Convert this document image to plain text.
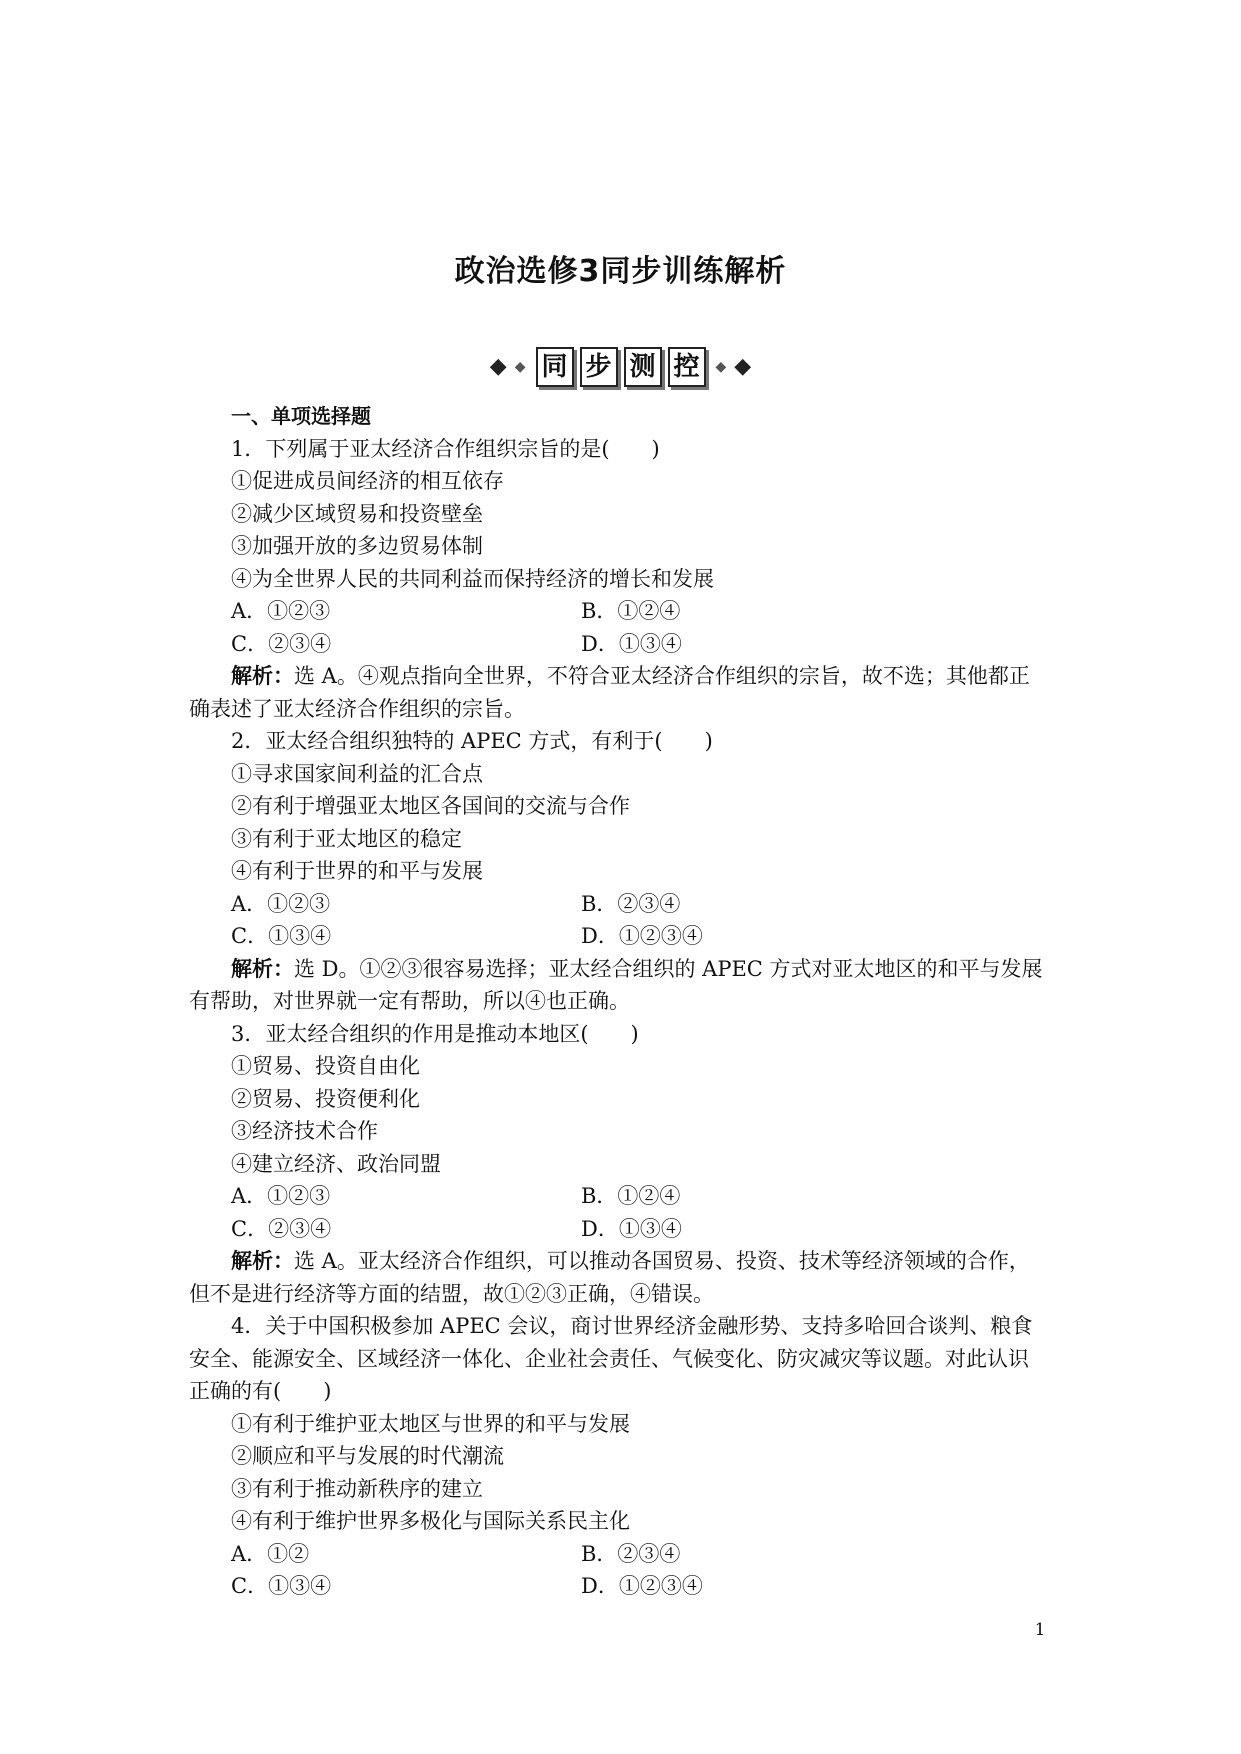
政治选修3同步训练解析
◆ ◆ 同 步 测 控	◆ ◆
一、单项选择题
1．下列属于亚太经济合作组织宗旨的是(　　)
①促进成员间经济的相互依存
②减少区域贸易和投资壁垒
③加强开放的多边贸易体制
④为全世界人民的共同利益而保持经济的增长和发展
A．①②③	B．①②④
C．②③④	D．①③④
解析：选 A。④观点指向全世界，不符合亚太经济合作组织的宗旨，故不选；其他都正
确表述了亚太经济合作组织的宗旨。
2．亚太经合组织独特的 APEC 方式，有利于(　　)
①寻求国家间利益的汇合点
②有利于增强亚太地区各国间的交流与合作
③有利于亚太地区的稳定
④有利于世界的和平与发展
A．①②③	B．②③④
C．①③④	D．①②③④
解析：选 D。①②③很容易选择；亚太经合组织的 APEC 方式对亚太地区的和平与发展
有帮助，对世界就一定有帮助，所以④也正确。
3．亚太经合组织的作用是推动本地区(　　)
①贸易、投资自由化
②贸易、投资便利化
③经济技术合作
④建立经济、政治同盟
A．①②③	B．①②④
C．②③④	D．①③④
解析：选 A。亚太经济合作组织，可以推动各国贸易、投资、技术等经济领域的合作，
但不是进行经济等方面的结盟，故①②③正确，④错误。
4．关于中国积极参加 APEC 会议，商讨世界经济金融形势、支持多哈回合谈判、粮食
安全、能源安全、区域经济一体化、企业社会责任、气候变化、防灾减灾等议题。对此认识
正确的有(　　)
①有利于维护亚太地区与世界的和平与发展
②顺应和平与发展的时代潮流
③有利于推动新秩序的建立
④有利于维护世界多极化与国际关系民主化
A．①②	B．②③④
C．①③④	D．①②③④
1
